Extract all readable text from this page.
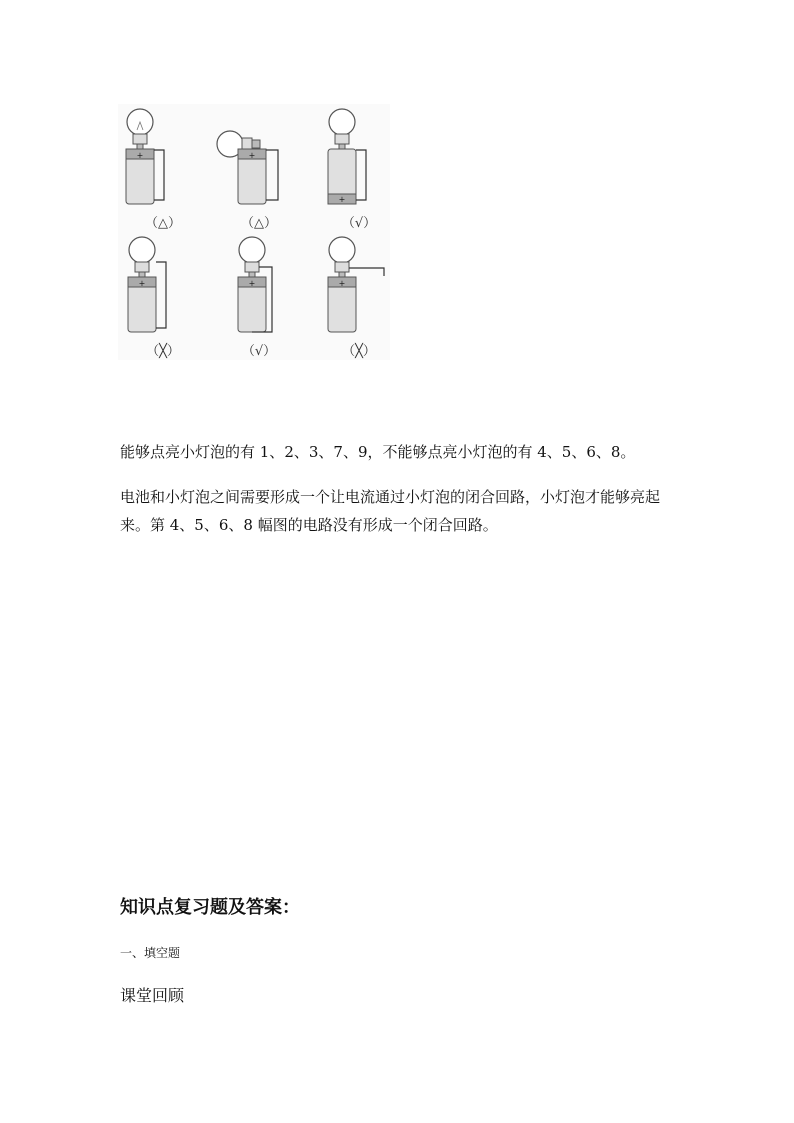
+
（△）
+
（△）
+
（√）
+
（╳）
+
（√）
+
（╳）
能够点亮小灯泡的有 1、2、3、7、9，不能够点亮小灯泡的有 4、5、6、8。
电池和小灯泡之间需要形成一个让电流通过小灯泡的闭合回路，小灯泡才能够亮起来。第 4、5、6、8 幅图的电路没有形成一个闭合回路。
知识点复习题及答案：
一、填空题
课堂回顾
